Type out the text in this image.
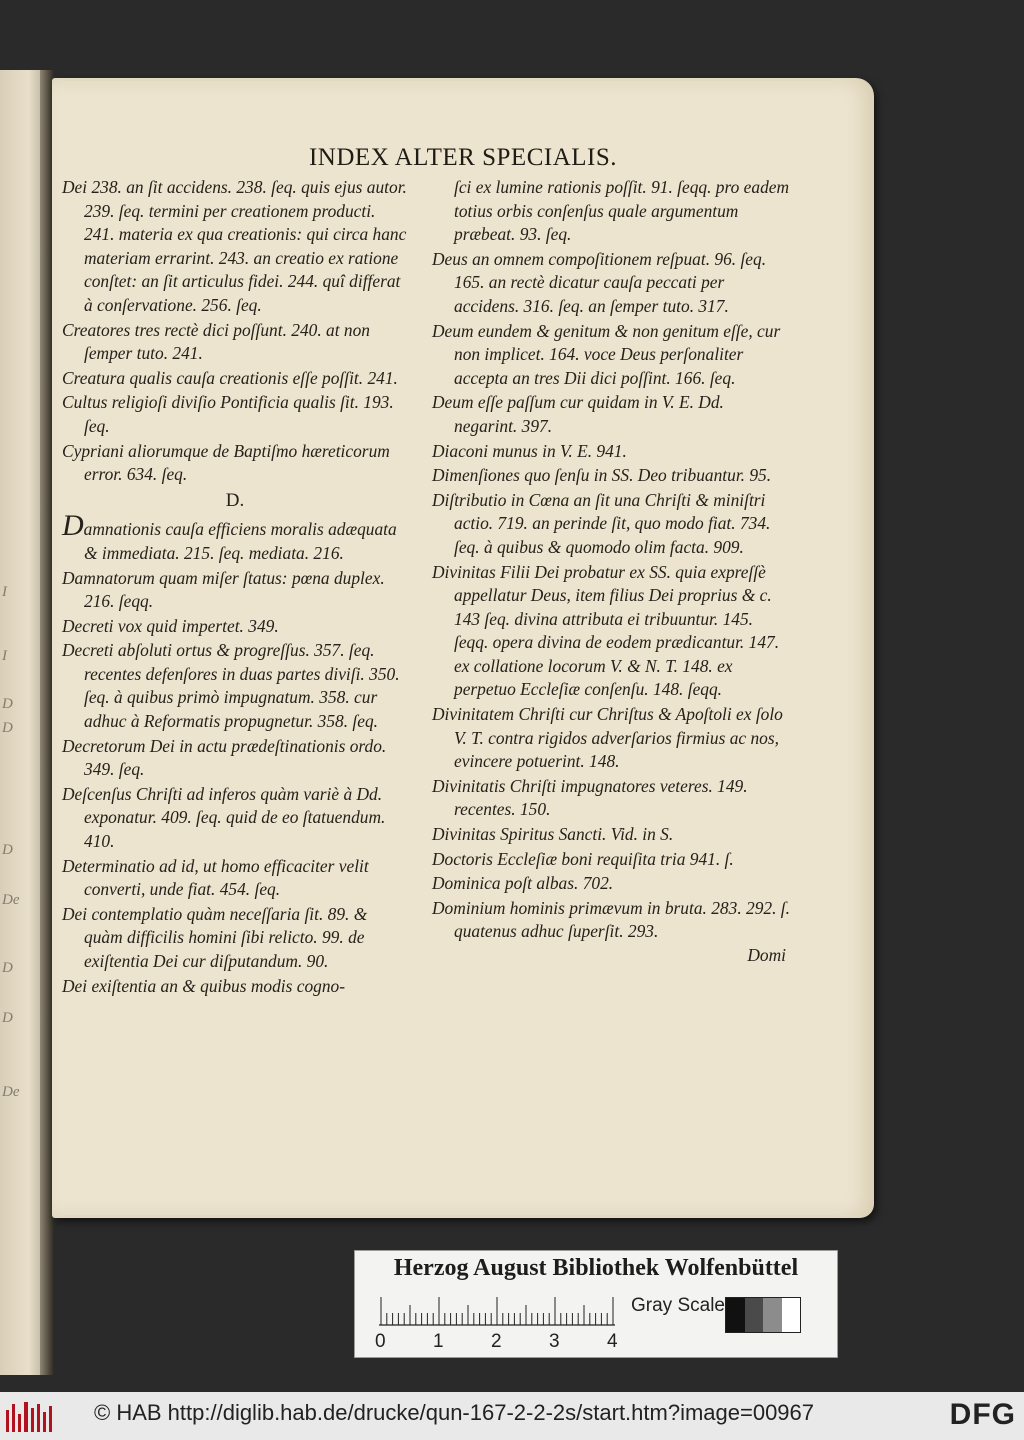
I
I
D
D
D
De
D
D
De
INDEX ALTER SPECIALIS.
Dei 238. an ſit accidens. 238. ſeq. quis ejus autor. 239. ſeq. termini per creationem producti. 241. materia ex qua creationis: qui circa hanc materiam errarint. 243. an creatio ex ratione conſtet: an ſit articulus fidei. 244. quî differat à conſervatione. 256. ſeq.
Creatores tres rectè dici poſſunt. 240. at non ſemper tuto. 241.
Creatura qualis cauſa creationis eſſe poſſit. 241.
Cultus religioſi diviſio Pontificia qualis ſit. 193. ſeq.
Cypriani aliorumque de Baptiſmo hæreticorum error. 634. ſeq.
D.
Damnationis cauſa efficiens moralis adæquata & immediata. 215. ſeq. mediata. 216.
Damnatorum quam miſer ſtatus: pœna duplex. 216. ſeqq.
Decreti vox quid impertet. 349.
Decreti abſoluti ortus & progreſſus. 357. ſeq. recentes defenſores in duas partes diviſi. 350. ſeq. à quibus primò impugnatum. 358. cur adhuc à Reformatis propugnetur. 358. ſeq.
Decretorum Dei in actu prædeſtinationis ordo. 349. ſeq.
Deſcenſus Chriſti ad inferos quàm variè à Dd. exponatur. 409. ſeq. quid de eo ſtatuendum. 410.
Determinatio ad id, ut homo efficaciter velit converti, unde fiat. 454. ſeq.
Dei contemplatio quàm neceſſaria ſit. 89. & quàm difficilis homini ſibi relicto. 99. de exiſtentia Dei cur diſputandum. 90.
Dei exiſtentia an & quibus modis cogno-
ſci ex lumine rationis poſſit. 91. ſeqq. pro eadem totius orbis conſenſus quale argumentum præbeat. 93. ſeq.
Deus an omnem compoſitionem reſpuat. 96. ſeq. 165. an rectè dicatur cauſa peccati per accidens. 316. ſeq. an ſemper tuto. 317.
Deum eundem & genitum & non genitum eſſe, cur non implicet. 164. voce Deus perſonaliter accepta an tres Dii dici poſſint. 166. ſeq.
Deum eſſe paſſum cur quidam in V. E. Dd. negarint. 397.
Diaconi munus in V. E. 941.
Dimenſiones quo ſenſu in SS. Deo tribuantur. 95.
Diſtributio in Cœna an ſit una Chriſti & miniſtri actio. 719. an perinde ſit, quo modo fiat. 734. ſeq. à quibus & quomodo olim facta. 909.
Divinitas Filii Dei probatur ex SS. quia expreſſè appellatur Deus, item filius Dei proprius & c. 143 ſeq. divina attributa ei tribuuntur. 145. ſeqq. opera divina de eodem prædicantur. 147. ex collatione locorum V. & N. T. 148. ex perpetuo Eccleſiæ conſenſu. 148. ſeqq.
Divinitatem Chriſti cur Chriſtus & Apoſtoli ex ſolo V. T. contra rigidos adverſarios firmius ac nos, evincere potuerint. 148.
Divinitatis Chriſti impugnatores veteres. 149. recentes. 150.
Divinitas Spiritus Sancti. Vid. in S.
Doctoris Eccleſiæ boni requiſita tria 941. ſ.
Dominica poſt albas. 702.
Dominium hominis primævum in bruta. 283. 292. ſ. quatenus adhuc ſuperſit. 293.
Domi
Herzog August Bibliothek Wolfenbüttel
0 1 2 3 4
Gray Scale
© HAB http://diglib.hab.de/drucke/qun-167-2-2-2s/start.htm?image=00967	DFG
